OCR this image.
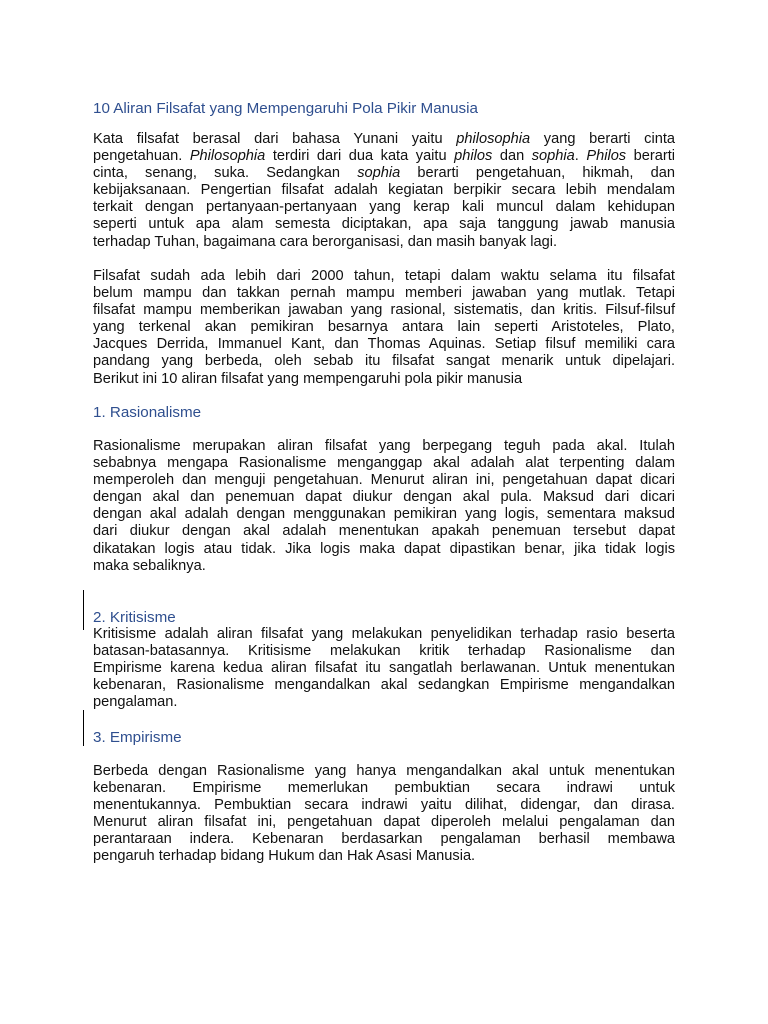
10 Aliran Filsafat yang Mempengaruhi Pola Pikir Manusia

Kata filsafat berasal dari bahasa Yunani yaitu philosophia yang berarti cinta
pengetahuan. Philosophia terdiri dari dua kata yaitu philos dan sophia. Philos berarti
cinta, senang, suka. Sedangkan sophia berarti pengetahuan, hikmah, dan
kebijaksanaan. Pengertian filsafat adalah kegiatan berpikir secara lebih mendalam
terkait dengan pertanyaan-pertanyaan yang kerap kali muncul dalam kehidupan
seperti untuk apa alam semesta diciptakan, apa saja tanggung jawab manusia
terhadap Tuhan, bagaimana cara berorganisasi, dan masih banyak lagi.

Filsafat sudah ada lebih dari 2000 tahun, tetapi dalam waktu selama itu filsafat
belum mampu dan takkan pernah mampu memberi jawaban yang mutlak. Tetapi
filsafat mampu memberikan jawaban yang rasional, sistematis, dan kritis. Filsuf-filsuf
yang terkenal akan pemikiran besarnya antara lain seperti Aristoteles, Plato,
Jacques Derrida, Immanuel Kant, dan Thomas Aquinas. Setiap filsuf memiliki cara
pandang yang berbeda, oleh sebab itu filsafat sangat menarik untuk dipelajari.
Berikut ini 10 aliran filsafat yang mempengaruhi pola pikir manusia

1. Rasionalisme

Rasionalisme merupakan aliran filsafat yang berpegang teguh pada akal. Itulah
sebabnya mengapa Rasionalisme menganggap akal adalah alat terpenting dalam
memperoleh dan menguji pengetahuan. Menurut aliran ini, pengetahuan dapat dicari
dengan akal dan penemuan dapat diukur dengan akal pula. Maksud dari dicari
dengan akal adalah dengan menggunakan pemikiran yang logis, sementara maksud
dari diukur dengan akal adalah menentukan apakah penemuan tersebut dapat
dikatakan logis atau tidak. Jika logis maka dapat dipastikan benar, jika tidak logis
maka sebaliknya.

2. Kritisisme

Kritisisme adalah aliran filsafat yang melakukan penyelidikan terhadap rasio beserta
batasan-batasannya. Kritisisme melakukan kritik terhadap Rasionalisme dan
Empirisme karena kedua aliran filsafat itu sangatlah berlawanan. Untuk menentukan
kebenaran, Rasionalisme mengandalkan akal sedangkan Empirisme mengandalkan
pengalaman.

3. Empirisme

Berbeda dengan Rasionalisme yang hanya mengandalkan akal untuk menentukan
kebenaran. Empirisme memerlukan pembuktian secara indrawi untuk
menentukannya. Pembuktian secara indrawi yaitu dilihat, didengar, dan dirasa.
Menurut aliran filsafat ini, pengetahuan dapat diperoleh melalui pengalaman dan
perantaraan indera. Kebenaran berdasarkan pengalaman berhasil membawa
pengaruh terhadap bidang Hukum dan Hak Asasi Manusia.
